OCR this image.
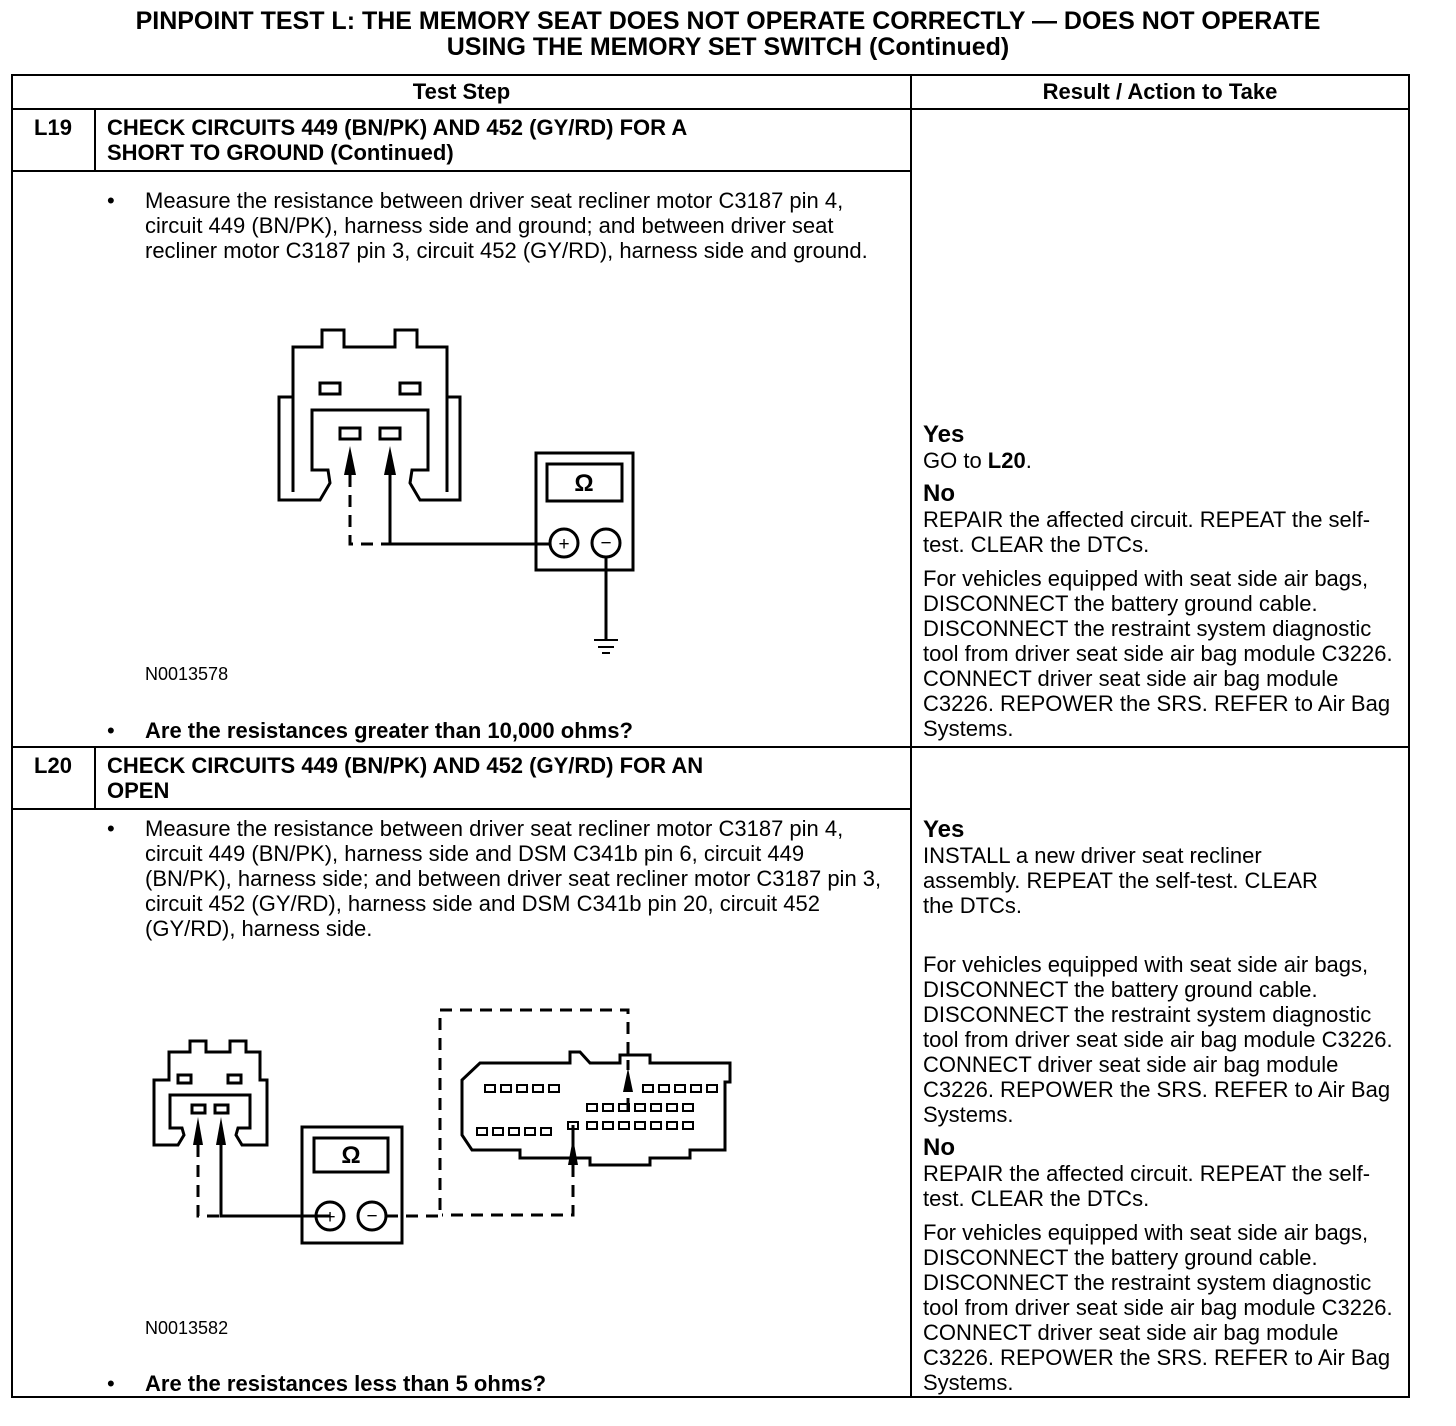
PINPOINT TEST L: THE MEMORY SEAT DOES NOT OPERATE CORRECTLY — DOES NOT OPERATE
USING THE MEMORY SET SWITCH (Continued)
Test Step	Result / Action to Take
L19	CHECK CIRCUITS 449 (BN/PK) AND 452 (GY/RD) FOR A
SHORT TO GROUND (Continued)
• Measure the resistance between driver seat recliner motor C3187 pin 4, circuit 449 (BN/PK), harness side and ground; and between driver seat recliner motor C3187 pin 3, circuit 452 (GY/RD), harness side and ground.
Ω
+ −
N0013578
• Are the resistances greater than 10,000 ohms?
Yes
GO to L20.
No
REPAIR the affected circuit. REPEAT the self-test. CLEAR the DTCs.
For vehicles equipped with seat side air bags, DISCONNECT the battery ground cable. DISCONNECT the restraint system diagnostic tool from driver seat side air bag module C3226. CONNECT driver seat side air bag module C3226. REPOWER the SRS. REFER to Air Bag Systems.
L20	CHECK CIRCUITS 449 (BN/PK) AND 452 (GY/RD) FOR AN
OPEN
• Measure the resistance between driver seat recliner motor C3187 pin 4, circuit 449 (BN/PK), harness side and DSM C341b pin 6, circuit 449 (BN/PK), harness side; and between driver seat recliner motor C3187 pin 3, circuit 452 (GY/RD), harness side and DSM C341b pin 20, circuit 452 (GY/RD), harness side.
Ω
+ −
N0013582
• Are the resistances less than 5 ohms?
Yes
INSTALL a new driver seat recliner assembly. REPEAT the self-test. CLEAR the DTCs.
For vehicles equipped with seat side air bags, DISCONNECT the battery ground cable. DISCONNECT the restraint system diagnostic tool from driver seat side air bag module C3226. CONNECT driver seat side air bag module C3226. REPOWER the SRS. REFER to Air Bag Systems.
No
REPAIR the affected circuit. REPEAT the self-test. CLEAR the DTCs.
For vehicles equipped with seat side air bags, DISCONNECT the battery ground cable. DISCONNECT the restraint system diagnostic tool from driver seat side air bag module C3226. CONNECT driver seat side air bag module C3226. REPOWER the SRS. REFER to Air Bag Systems.
